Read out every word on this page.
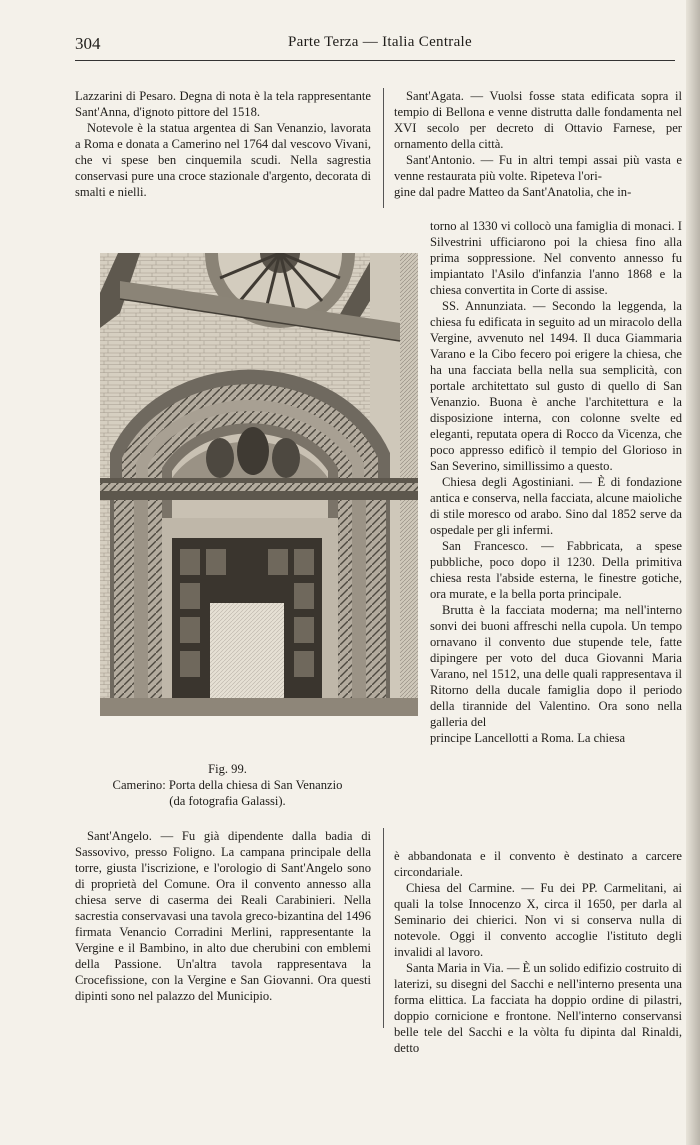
304	Parte Terza — Italia Centrale

Lazzarini di Pesaro. Degna di nota è la tela rappresentante Sant'Anna, d'ignoto pittore del 1518.

Notevole è la statua argentea di San Venanzio, lavorata a Roma e donata a Camerino nel 1764 dal vescovo Vivani, che vi spese ben cinquemila scudi. Nella sagrestia conservasi pure una croce stazionale d'argento, decorata di smalti e nielli.

Fig. 99.
Camerino: Porta della chiesa di San Venanzio
(da fotografia Galassi).
Sant'Angelo. — Fu già dipendente dalla badia di Sassovivo, presso Foligno. La campana principale della torre, giusta l'iscrizione, e l'orologio di Sant'Angelo sono di proprietà del Comune. Ora il convento annesso alla chiesa serve di caserma dei Reali Carabinieri. Nella sacrestia conservavasi una tavola greco-bizantina del 1496 firmata Venancio Corradini Merlini, rappresentante la Vergine e il Bambino, in alto due cherubini con emblemi della Passione. Un'altra tavola rappresentava la Crocefissione, con la Vergine e San Giovanni. Ora questi dipinti sono nel palazzo del Municipio.

Sant'Agata. — Vuolsi fosse stata edificata sopra il tempio di Bellona e venne distrutta dalle fondamenta nel XVI secolo per decreto di Ottavio Farnese, per ornamento della città.

Sant'Antonio. — Fu in altri tempi assai più vasta e venne restaurata più volte. Ripeteva l'ori-

gine dal padre Matteo da Sant'Anatolia, che in-

torno al 1330 vi collocò una famiglia di monaci. I Silvestrini ufficiarono poi la chiesa fino alla prima soppressione. Nel convento annesso fu impiantato l'Asilo d'infanzia l'anno 1868 e la chiesa convertita in Corte di assise.

SS. Annunziata. — Secondo la leggenda, la chiesa fu edificata in seguito ad un miracolo della Vergine, avvenuto nel 1494. Il duca Giammaria Varano e la Cibo fecero poi erigere la chiesa, che ha una facciata bella nella sua semplicità, con portale architettato sul gusto di quello di San Venanzio. Buona è anche l'architettura e la disposizione interna, con colonne svelte ed eleganti, reputata opera di Rocco da Vicenza, che poco appresso edificò il tempio del Glorioso in San Severino, simillissimo a questo.

Chiesa degli Agostiniani. — È di fondazione antica e conserva, nella facciata, alcune maioliche di stile moresco od arabo. Sino dal 1852 serve da ospedale per gli infermi.

San Francesco. — Fabbricata, a spese pubbliche, poco dopo il 1230. Della primitiva chiesa resta l'abside esterna, le finestre gotiche, ora murate, e la bella porta principale.

Brutta è la facciata moderna; ma nell'interno sonvi dei buoni affreschi nella cupola. Un tempo ornavano il convento due stupende tele, fatte dipingere per voto del duca Giovanni Maria Varano, nel 1512, una delle quali rappresentava il Ritorno della ducale famiglia dopo il periodo della tirannide del Valentino. Ora sono nella galleria del

principe Lancellotti a Roma. La chiesa

è abbandonata e il convento è destinato a carcere circondariale.

Chiesa del Carmine. — Fu dei PP. Carmelitani, ai quali la tolse Innocenzo X, circa il 1650, per darla al Seminario dei chierici. Non vi si conserva nulla di notevole. Oggi il convento accoglie l'istituto degli invalidi al lavoro.

Santa Maria in Via. — È un solido edifizio costruito di laterizi, su disegni del Sacchi e nell'interno presenta una forma elittica. La facciata ha doppio ordine di pilastri, doppio cornicione e frontone. Nell'interno conservansi belle tele del Sacchi e la vòlta fu dipinta dal Rinaldi, detto
